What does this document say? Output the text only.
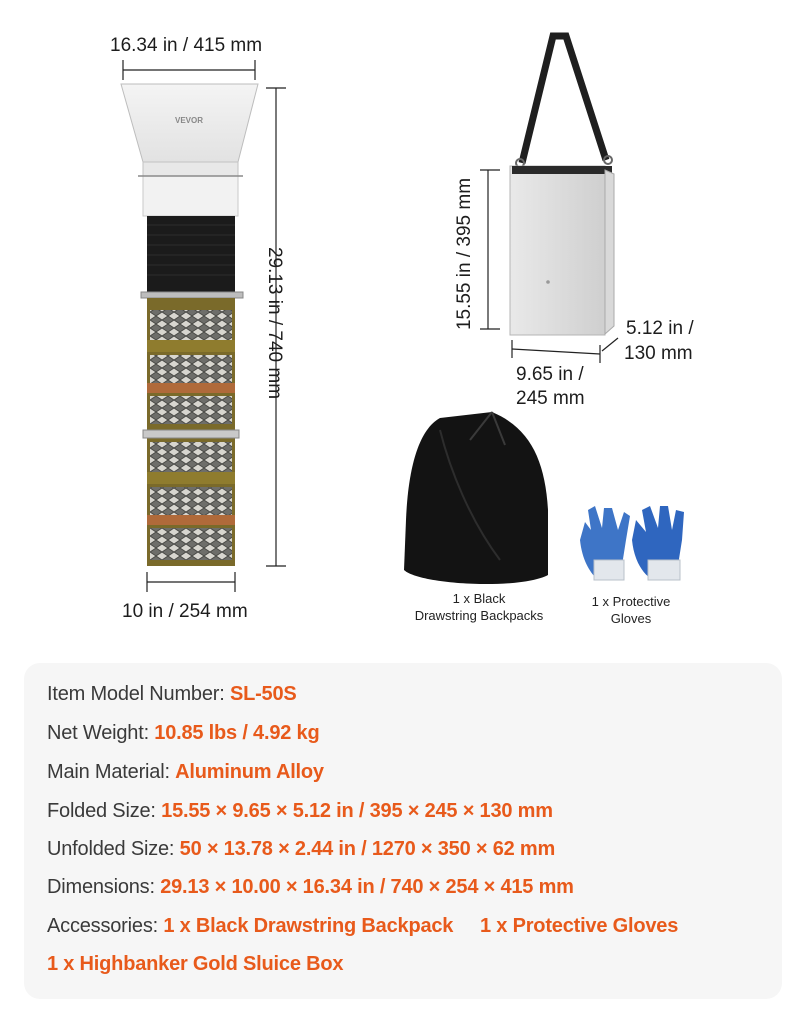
VEVOR
16.34 in / 415 mm
29.13 in / 740 mm
10 in / 254 mm
15.55 in / 395 mm
9.65 in /
245 mm
5.12 in /
130 mm
1 x Black
Drawstring Backpacks
1 x Protective
Gloves
Item Model Number: SL-50S
Net Weight: 10.85 lbs / 4.92 kg
Main Material: Aluminum Alloy
Folded Size: 15.55 × 9.65 × 5.12 in / 395 × 245 × 130 mm
Unfolded Size: 50 × 13.78 × 2.44 in / 1270 × 350 × 62 mm
Dimensions: 29.13 × 10.00 × 16.34 in / 740 × 254 × 415 mm
Accessories: 1 x Black Drawstring Backpack     1 x Protective Gloves
1 x Highbanker Gold Sluice Box
